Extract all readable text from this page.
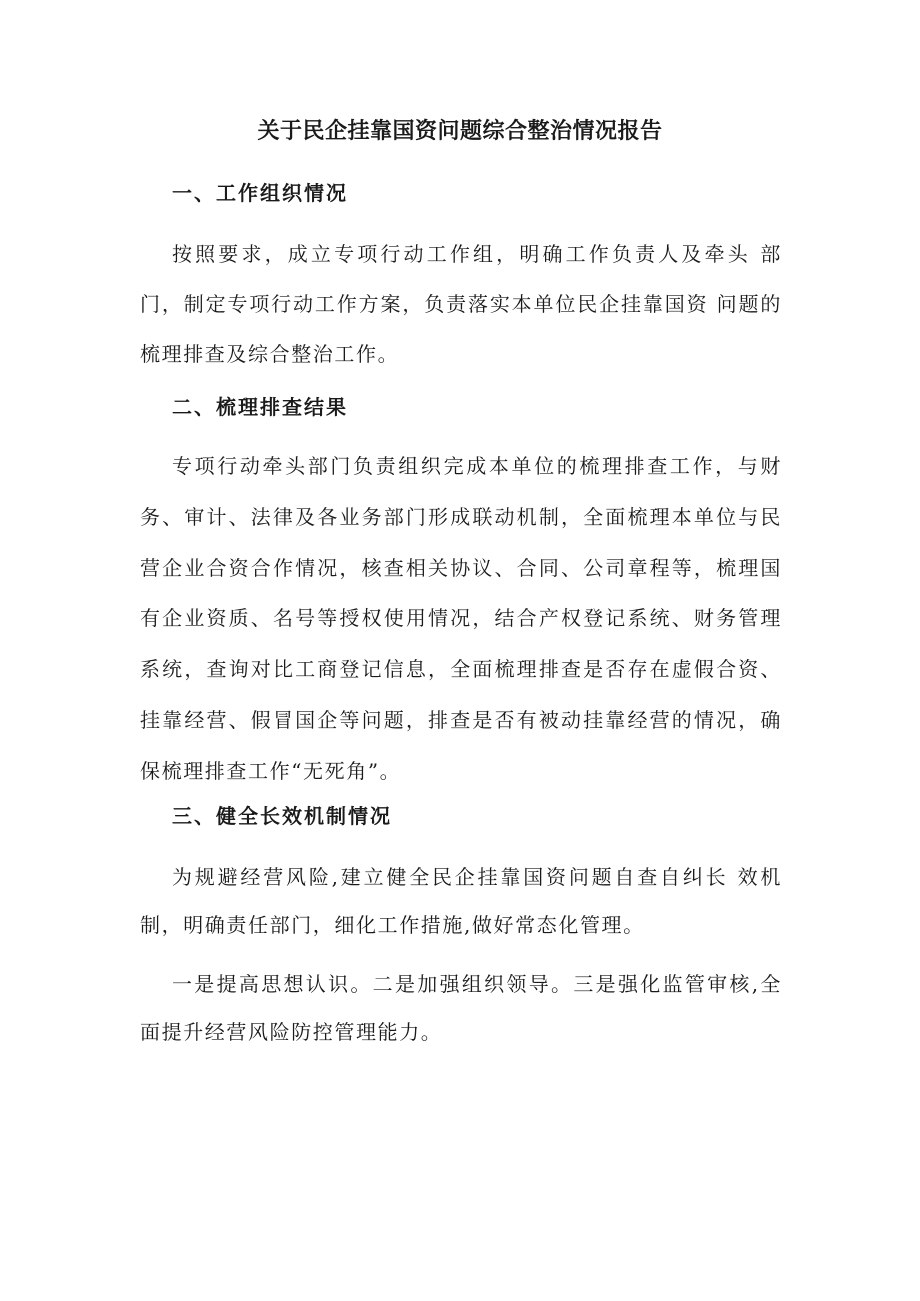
关于民企挂靠国资问题综合整治情况报告
一、工作组织情况

按照要求，成立专项行动工作组，明确工作负责人及牵头 部门，制定专项行动工作方案，负责落实本单位民企挂靠国资 问题的梳理排查及综合整治工作。

二、梳理排查结果

专项行动牵头部门负责组织完成本单位的梳理排查工作，与财务、审计、法律及各业务部门形成联动机制，全面梳理本单位与民营企业合资合作情况，核查相关协议、合同、公司章程等，梳理国有企业资质、名号等授权使用情况，结合产权登记系统、财务管理系统，查询对比工商登记信息，全面梳理排查是否存在虚假合资、挂靠经营、假冒国企等问题，排查是否有被动挂靠经营的情况，确保梳理排查工作“无死角”。

三、健全长效机制情况

为规避经营风险,建立健全民企挂靠国资问题自查自纠长 效机制，明确责任部门，细化工作措施,做好常态化管理。

一是提高思想认识。二是加强组织领导。三是强化监管审核,全面提升经营风险防控管理能力。
